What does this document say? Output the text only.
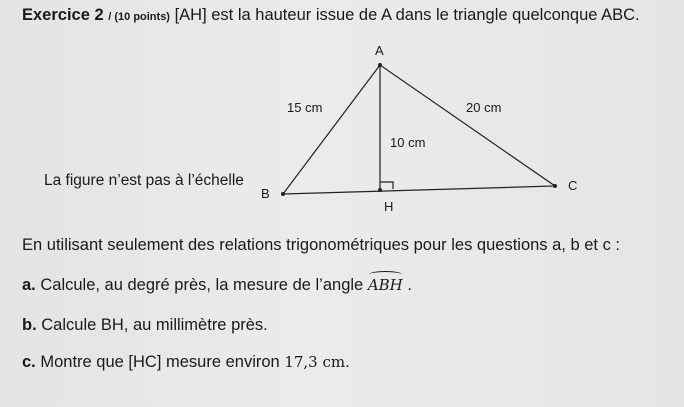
Exercice 2 / (10 points) [AH] est la hauteur issue de A dans le triangle quelconque ABC.
La figure n’est pas à l’échelle
A
B
C
H
15 cm	20 cm
10 cm
En utilisant seulement des relations trigonométriques pour les questions a, b et c :
a. Calcule, au degré près, la mesure de l’angle ABH .
b. Calcule BH, au millimètre près.
c. Montre que [HC] mesure environ 17,3 cm.
